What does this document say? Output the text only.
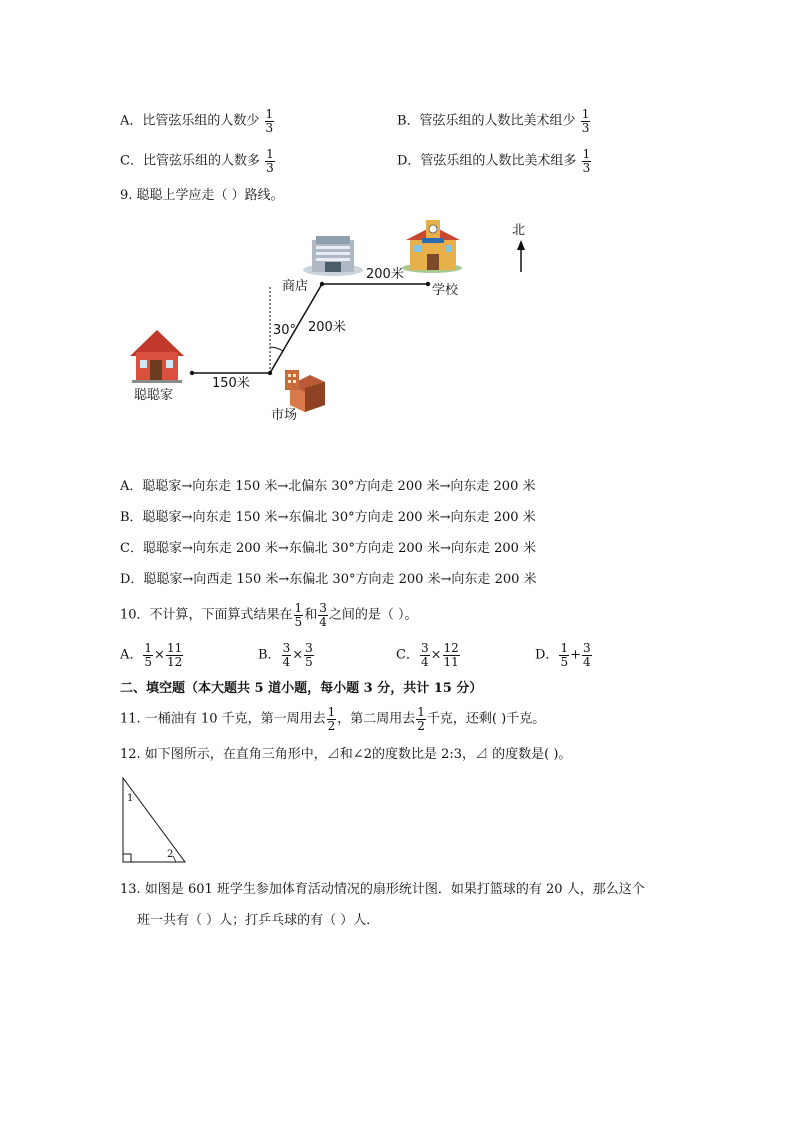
A．比管弦乐组的人数少 $\frac{1}{3}$	B．管弦乐组的人数比美术组少 $\frac{1}{3}$
C．比管弦乐组的人数多 $\frac{1}{3}$	D．管弦乐组的人数比美术组多 $\frac{1}{3}$
9. 聪聪上学应走（ ）路线。
北
商店
200米
学校
30° 200米
150米
聪聪家
市场
A．聪聪家→向东走 150 米→北偏东 30°方向走 200 米→向东走 200 米
B．聪聪家→向东走 150 米→东偏北 30°方向走 200 米→向东走 200 米
C．聪聪家→向东走 200 米→东偏北 30°方向走 200 米→向东走 200 米
D．聪聪家→向西走 150 米→东偏北 30°方向走 200 米→向东走 200 米
10．不计算，下面算式结果在 $\frac{1}{5}$ 和 $\frac{3}{4}$ 之间的是（ ）。
A． $\frac{1}{5} \times \frac{11}{12}$	B． $\frac{3}{4} \times \frac{3}{5}$	C． $\frac{3}{4} \times \frac{12}{11}$	D． $\frac{1}{5} + \frac{3}{4}$
二、填空题（本大题共 5 道小题，每小题 3 分，共计 15 分）
11. 一桶油有 10 千克，第一周用去 $\frac{1}{2}$ ，第二周用去 $\frac{1}{2}$ 千克，还剩( )千克。
12. 如下图所示，在直角三角形中，⊿和∠2的度数比是 2:3，⊿ 的度数是( )。
1
2
13. 如图是 601 班学生参加体育活动情况的扇形统计图．如果打篮球的有 20 人，那么这个
班一共有（ ）人；打乒乓球的有（ ）人．
